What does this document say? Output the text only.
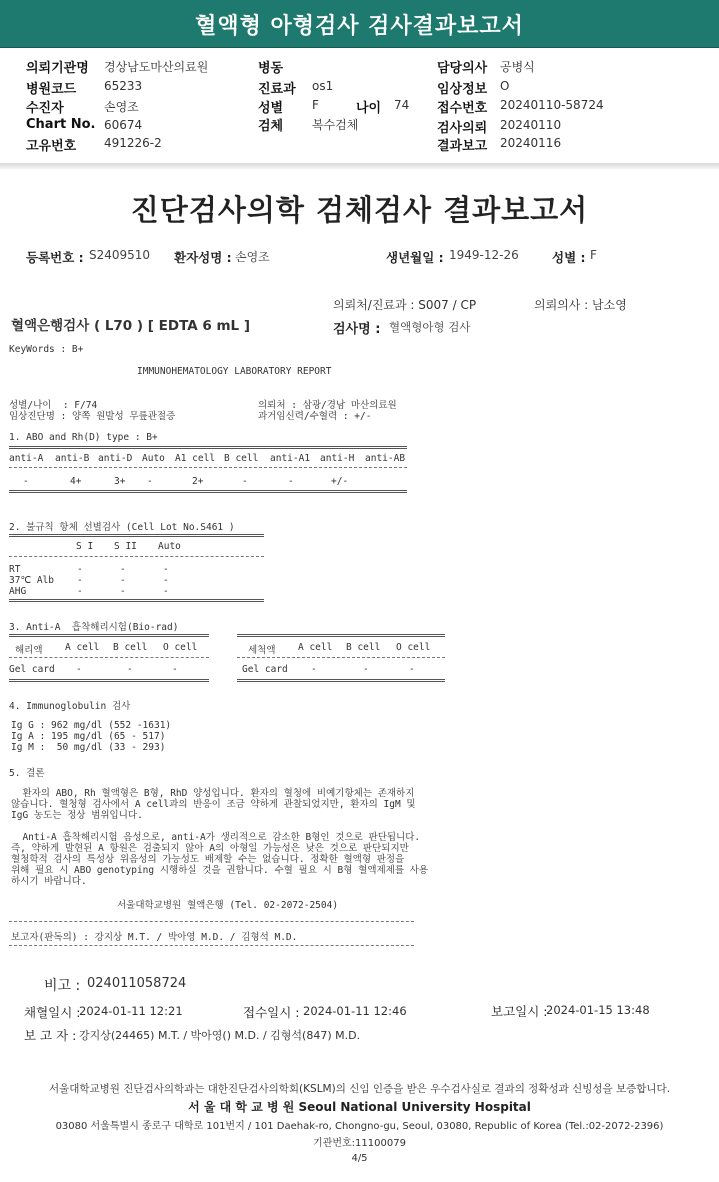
혈액형 아형검사 검사결과보고서
의뢰기관명 경상남도마산의료원
병원코드 65233
수진자	손영조
Chart No. 60674
고유번호 491226-2
병동
진료과 os1
성별 F	나이 74
검체 복수검체
담당의사 공병식
임상정보 O
접수번호 20240110-58724
검사의뢰 20240110
결과보고 20240116
진단검사의학 검체검사 결과보고서
등록번호 : S2409510 환자성명 : 손영조	생년월일 : 1949-12-26	성별 : F
의뢰처/진료과 : S007 / CP	의뢰의사 : 남소영
혈액은행검사 ( L70 ) [ EDTA 6 mL ]	검사명 : 혈액형아형 검사
KeyWords : B+
IMMUNOHEMATOLOGY LABORATORY REPORT
성별/나이  : F/74	의뢰처 : 삼광/경남 마산의료원
임상진단명 : 양쪽 원발성 무릎관절증	과거임신력/수혈력 : +/-
1. ABO and Rh(D) type : B+
anti-A anti-B anti-D Auto A1 cell B cell anti-A1 anti-H anti-AB
-	4+	3+ -	2+	-	-	+/-
2. 불규칙 항체 선별검사 (Cell Lot No.S461 )
S I S II Auto
RT	-	-	-
37℃ Alb -	-	-
AHG	-	-	-
3. Anti-A  흡착해리시험(Bio-rad)
해리액 A cell B cell O cell	세척액 A cell B cell O cell
Gel card -	-	-	Gel card -	-	-
4. Immunoglobulin 검사
Ig G : 962 mg/dl (552 -1631)
Ig A : 195 mg/dl (65 - 517)
Ig M :  50 mg/dl (33 - 293)
5. 결론
환자의 ABO, Rh 혈액형은 B형, RhD 양성입니다. 환자의 혈청에 비예기항체는 존재하지
않습니다. 혈청형 검사에서 A cell과의 반응이 조금 약하게 관찰되었지만, 환자의 IgM 및
IgG 농도는 정상 범위입니다.
Anti-A 흡착해리시험 음성으로, anti-A가 생리적으로 감소한 B형인 것으로 판단됩니다.
즉, 약하게 발현된 A 항원은 검출되지 않아 A의 아형일 가능성은 낮은 것으로 판단되지만
혈청학적 검사의 특성상 위음성의 가능성도 배제할 수는 없습니다. 정확한 혈액형 판정을
위해 필요 시 ABO genotyping 시행하실 것을 권합니다. 수혈 필요 시 B형 혈액제제를 사용
하시기 바랍니다.
서울대학교병원 혈액은행 (Tel. 02-2072-2504)
보고자(판독의) : 강지상 M.T. / 박아영 M.D. / 김형석 M.D.
비고 : 024011058724
채혈일시 :
2024-01-11 12:21	접수일시 : 2024-01-11 12:46	보고일시 :
2024-01-15 13:48
보 고 자 : 강지상(24465) M.T. / 박아영() M.D. / 김형석(847) M.D.
서울대학교병원 진단검사의학과는 대한진단검사의학회(KSLM)의 신임 인증을 받은 우수검사실로 결과의 정확성과 신빙성을 보증합니다.
서 울 대 학 교 병 원 Seoul National University Hospital
03080 서울특별시 종로구 대학로 101번지 / 101 Daehak-ro, Chongno-gu, Seoul, 03080, Republic of Korea (Tel.:02-2072-2396)
기관번호:11100079
4/5
